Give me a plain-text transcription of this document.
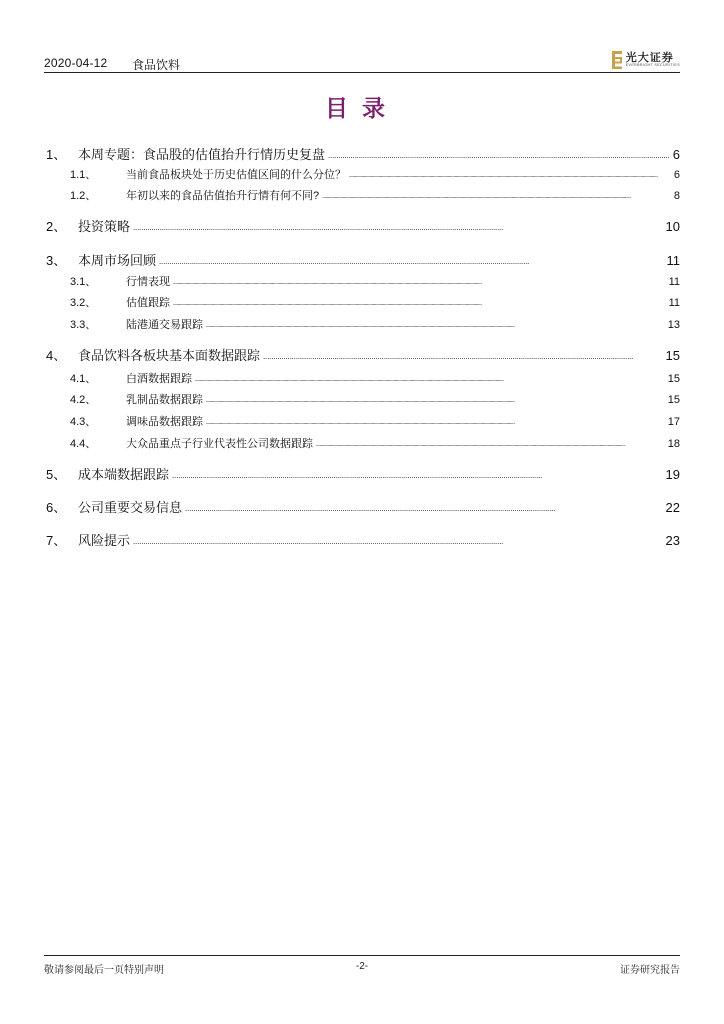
2020-04-12 食品饮料
光大证券
EVERBRIGHT SECURITIES
目录
1、 本周专题：食品股的估值抬升行情历史复盘 . . .	6
1.1、	当前食品板块处于历史估值区间的什么分位？ . . .	6
1.2、	年初以来的食品估值抬升行情有何不同? . . .	8
2、 投资策略 . . .	10
3、 本周市场回顾 . . .	11
3.1、	行情表现 . . .	11
3.2、	估值跟踪 . . .	11
3.3、	陆港通交易跟踪 . . .	13
4、 食品饮料各板块基本面数据跟踪 . . .	15
4.1、	白酒数据跟踪 . . .	15
4.2、	乳制品数据跟踪 . . .	15
4.3、	调味品数据跟踪 . . .	17
4.4、	大众品重点子行业代表性公司数据跟踪 . . .	18
5、 成本端数据跟踪 . . .	19
6、 公司重要交易信息 . . .	22
7、 风险提示 . . .	23
敬请参阅最后一页特别声明	-2-	证券研究报告
